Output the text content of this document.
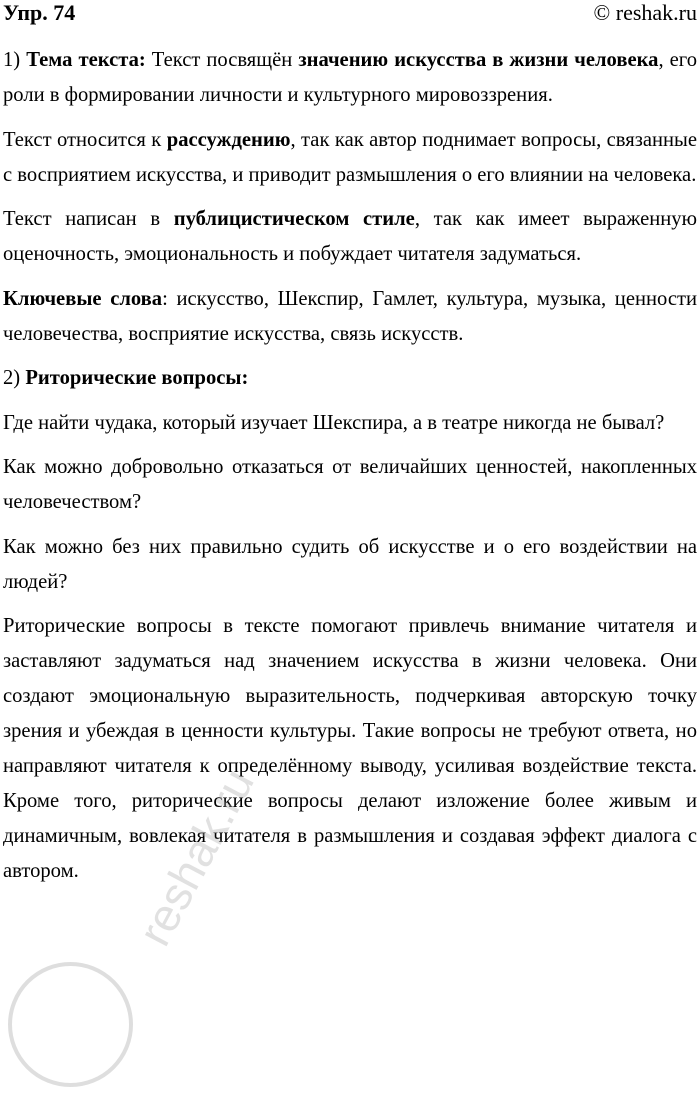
Упр. 74	© reshak.ru

1) Тема текста: Текст посвящён значению искусства в жизни человека, его роли в формировании личности и культурного мировоззрения.

Текст относится к рассуждению, так как автор поднимает вопросы, связанные с восприятием искусства, и приводит размышления о его влиянии на человека.

Текст написан в публицистическом стиле, так как имеет выраженную оценочность, эмоциональность и побуждает читателя задуматься.

Ключевые слова: искусство, Шекспир, Гамлет, культура, музыка, ценности человечества, восприятие искусства, связь искусств.

2) Риторические вопросы:

Где найти чудака, который изучает Шекспира, а в театре никогда не бывал?

Как можно добровольно отказаться от величайших ценностей, накопленных человечеством?

Как можно без них правильно судить об искусстве и о его воздействии на людей?

Риторические вопросы в тексте помогают привлечь внимание читателя и заставляют задуматься над значением искусства в жизни человека. Они создают эмоциональную выразительность, подчеркивая авторскую точку зрения и убеждая в ценности культуры. Такие вопросы не требуют ответа, но направляют читателя к определённому выводу, усиливая воздействие текста. Кроме того, риторические вопросы делают изложение более живым и динамичным, вовлекая читателя в размышления и создавая эффект диалога с автором.	reshak.ru
